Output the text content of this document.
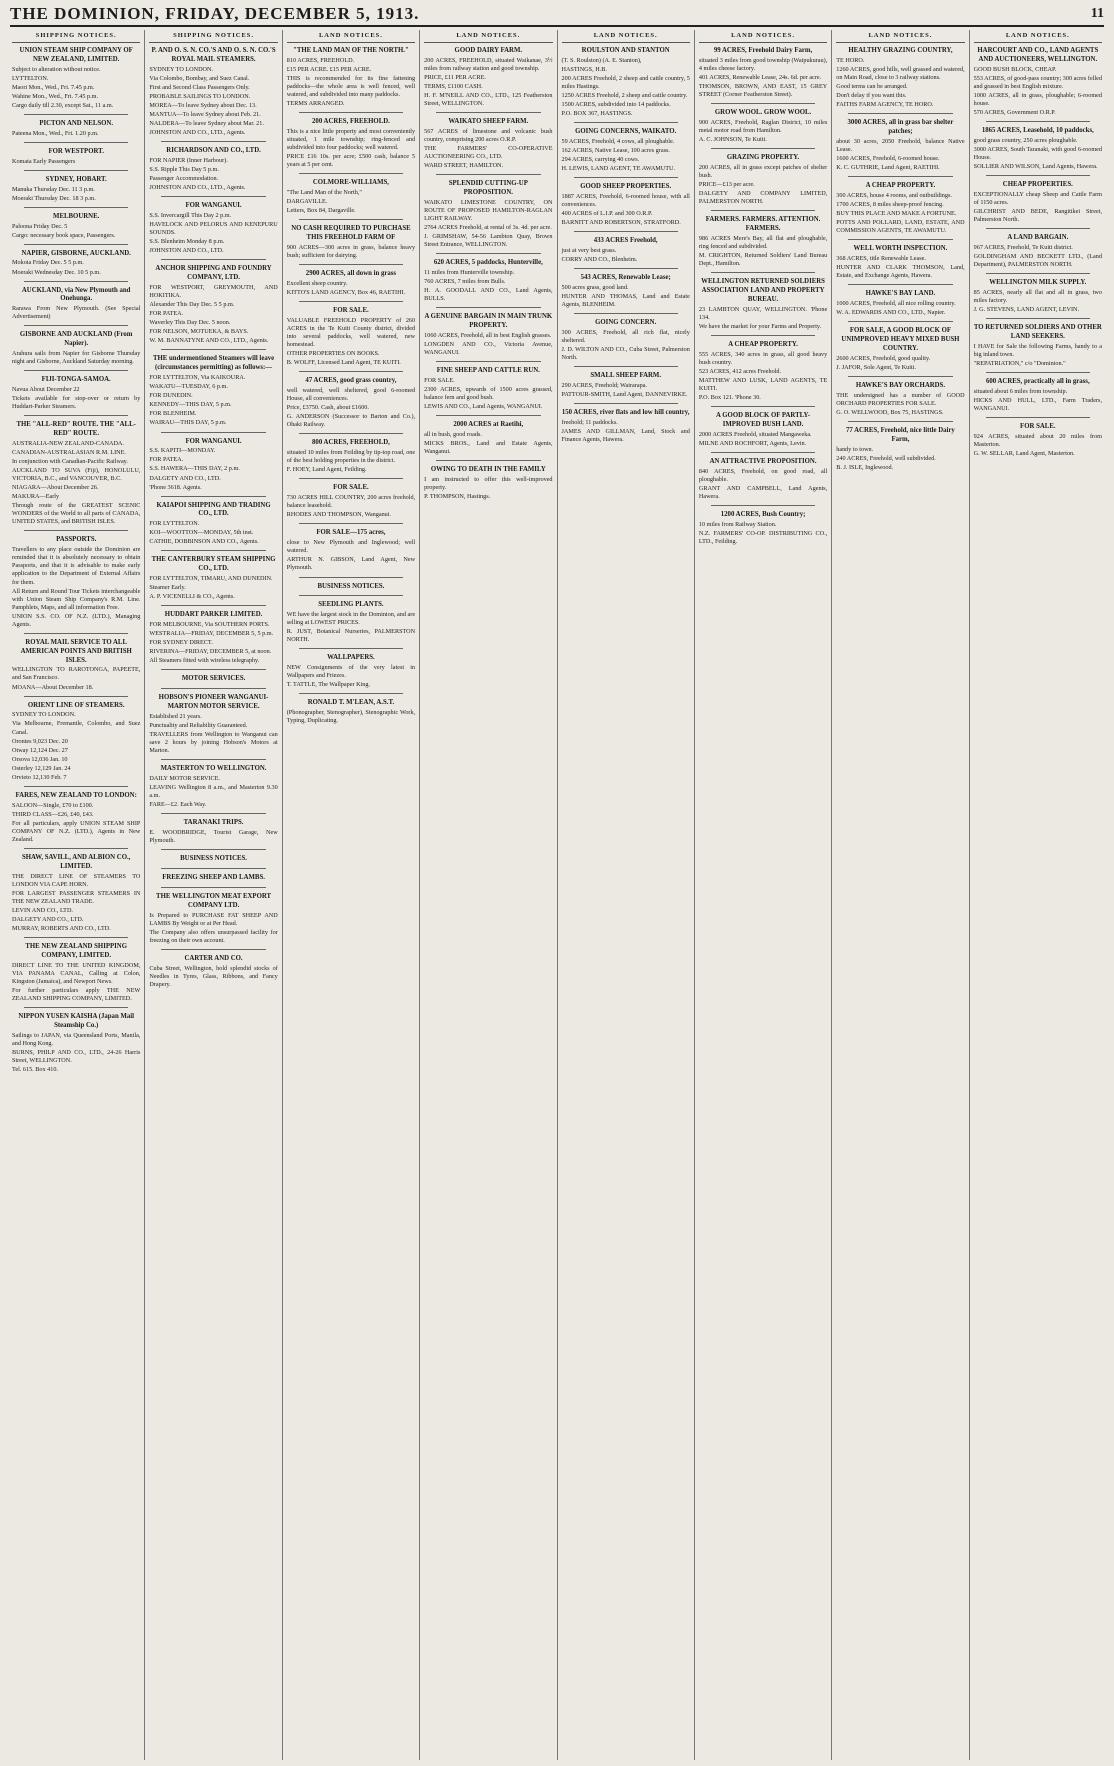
THE DOMINION, FRIDAY, DECEMBER 5, 1913.	11
SHIPPING NOTICES.
UNION STEAM SHIP COMPANY OF NEW ZEALAND, LIMITED.

Subject to alteration without notice.

LYTTELTON.

Maori Mon., Wed., Fri. 7.45 p.m.

Wahine Mon., Wed., Fri. 7.45 p.m.

Cargo daily till 2.30, except Sat., 11 a.m.

PICTON AND NELSON.

Pateena Mon., Wed., Fri. 1.20 p.m.

FOR WESTPORT.

Komata Early Passengers

SYDNEY, HOBART.

Manuka Thursday Dec. 11 3 p.m.

Moeraki Thursday Dec. 18 3 p.m.

MELBOURNE.

Paloona Friday Dec. 5

Cargo: necessary book space, Passengers.

NAPIER, GISBORNE, AUCKLAND.

Mokoia Friday Dec. 5 5 p.m.

Moeraki Wednesday Dec. 10 5 p.m.

AUCKLAND, via New Plymouth and Onehunga.

Rarawa From New Plymouth. (See Special Advertisement)

GISBORNE AND AUCKLAND (From Napier).

Arahura sails from Napier for Gisborne Thursday night and Gisborne, Auckland Saturday morning.

FIJI-TONGA-SAMOA.

Navua About December 22

Tickets available for stop-over or return by Huddart-Parker Steamers.

THE "ALL-RED" ROUTE. THE "ALL-RED" ROUTE.

AUSTRALIA-NEW ZEALAND-CANADA.

CANADIAN-AUSTRALASIAN R.M. LINE.

In conjunction with Canadian-Pacific Railway.

AUCKLAND TO SUVA (Fiji), HONOLULU, VICTORIA, B.C., and VANCOUVER, B.C.

NIAGARA—About December 26.

MAKURA—Early

Through route of the GREATEST SCENIC WONDERS of the World to all parts of CANADA, UNITED STATES, and BRITISH ISLES.

PASSPORTS.

Travellers to any place outside the Dominion are reminded that it is absolutely necessary to obtain Passports, and that it is advisable to make early application to the Department of External Affairs for them.

All Return and Round Tour Tickets interchangeable with Union Steam Ship Company's R.M. Line. Pamphlets, Maps, and all information Free.

UNION S.S. CO. OF N.Z. (LTD.), Managing Agents.

ROYAL MAIL SERVICE TO ALL AMERICAN POINTS AND BRITISH ISLES.

WELLINGTON TO RAROTONGA, PAPEETE, and San Francisco.

MOANA—About December 18.

ORIENT LINE OF STEAMERS.

SYDNEY TO LONDON.

Via Melbourne, Fremantle, Colombo, and Suez Canal.

Orontes 9,023 Dec. 20

Otway 12,124 Dec. 27

Orsova 12,036 Jan. 10

Osterley 12,129 Jan. 24

Orvieto 12,130 Feb. 7

FARES, NEW ZEALAND TO LONDON:

SALOON—Single, £70 to £100.

THIRD CLASS—£26, £40, £43.

For all particulars, apply UNION STEAM SHIP COMPANY OF N.Z. (LTD.), Agents in New Zealand.

SHAW, SAVILL, AND ALBION CO., LIMITED.

THE DIRECT LINE OF STEAMERS TO LONDON VIA CAPE HORN.

FOR LARGEST PASSENGER STEAMERS IN THE NEW ZEALAND TRADE.

LEVIN AND CO., LTD.

DALGETY AND CO., LTD.

MURRAY, ROBERTS AND CO., LTD.

THE NEW ZEALAND SHIPPING COMPANY, LIMITED.

DIRECT LINE TO THE UNITED KINGDOM, VIA PANAMA CANAL, Calling at Colon, Kingston (Jamaica), and Newport News.

For further particulars apply THE NEW ZEALAND SHIPPING COMPANY, LIMITED.

NIPPON YUSEN KAISHA (Japan Mail Steamship Co.)

Sailings to JAPAN, via Queensland Ports, Manila, and Hong Kong.

BURNS, PHILP AND CO., LTD., 24-26 Harris Street, WELLINGTON.

Tel. 615. Box 410.

SHIPPING NOTICES.
P. AND O. S. N. CO.'S AND O. S. N. CO.'S ROYAL MAIL STEAMERS.

SYDNEY TO LONDON.

Via Colombo, Bombay, and Suez Canal.

First and Second Class Passengers Only.

PROBABLE SAILINGS TO LONDON.

MOREA—To leave Sydney about Dec. 13.

MANTUA—To leave Sydney about Feb. 21.

NALDERA—To leave Sydney about Mar. 21.

JOHNSTON AND CO., LTD., Agents.

RICHARDSON AND CO., LTD.

FOR NAPIER (Inner Harbour).

S.S. Ripple This Day 5 p.m.

Passenger Accommodation.

JOHNSTON AND CO., LTD., Agents.

FOR WANGANUI.

S.S. Invercargill This Day 2 p.m.

HAVELOCK AND PELORUS AND KENEPURU SOUNDS.

S.S. Blenheim Monday 8 p.m.

JOHNSTON AND CO., LTD.

ANCHOR SHIPPING AND FOUNDRY COMPANY, LTD.

FOR WESTPORT, GREYMOUTH, AND HOKITIKA.

Alexander This Day Dec. 5 5 p.m.

FOR PATEA.

Waverley This Day Dec. 5 noon.

FOR NELSON, MOTUEKA, & BAYS.

W. M. BANNATYNE AND CO., LTD., Agents.

THE undermentioned Steamers will leave (circumstances permitting) as follows:—

FOR LYTTELTON, Via KAIKOURA.

WAKATU—TUESDAY, 6 p.m.

FOR DUNEDIN.

KENNEDY—THIS DAY, 5 p.m.

FOR BLENHEIM.

WAIRAU—THIS DAY, 5 p.m.

FOR WANGANUI.

S.S. KAPITI—MONDAY.

FOR PATEA.

S.S. HAWERA—THIS DAY, 2 p.m.

DALGETY AND CO., LTD.

'Phone 3618. Agents.

KAIAPOI SHIPPING AND TRADING CO., LTD.

FOR LYTTELTON.

KOI—WOOTTON—MONDAY, 5th inst.

CATHIE, DOBBINSON AND CO., Agents.

THE CANTERBURY STEAM SHIPPING CO., LTD.

FOR LYTTELTON, TIMARU, AND DUNEDIN.

Steamer Early.

A. P. VICENELLI & CO., Agents.

HUDDART PARKER LIMITED.

FOR MELBOURNE, Via SOUTHERN PORTS.

WESTRALIA—FRIDAY, DECEMBER 5, 5 p.m.

FOR SYDNEY DIRECT.

RIVERINA—FRIDAY, DECEMBER 5, at noon.

All Steamers fitted with wireless telegraphy.

MOTOR SERVICES.
HOBSON'S PIONEER WANGANUI-MARTON MOTOR SERVICE.

Established 21 years.

Punctuality and Reliability Guaranteed.

TRAVELLERS from Wellington to Wanganui can save 2 hours by joining Hobson's Motors at Marton.

MASTERTON TO WELLINGTON.

DAILY MOTOR SERVICE.

LEAVING Wellington 8 a.m., and Masterton 9.30 a.m.

FARE—£2. Each Way.

TARANAKI TRIPS.

E. WOODBRIDGE, Tourist Garage, New Plymouth.

BUSINESS NOTICES.
FREEZING SHEEP AND LAMBS.
THE WELLINGTON MEAT EXPORT COMPANY LTD.

Is Prepared to PURCHASE FAT SHEEP AND LAMBS By Weight or at Per Head.

The Company also offers unsurpassed facility for freezing on their own account.

CARTER AND CO.

Cuba Street, Wellington, hold splendid stocks of Needles in Tyres, Glass, Ribbons, and Fancy Drapery.

LAND NOTICES.
"THE LAND MAN OF THE NORTH."

810 ACRES, FREEHOLD.

£15 PER ACRE. £15 PER ACRE.

THIS is recommended for its fine fattening paddocks—the whole area is well fenced, well watered, and subdivided into many paddocks.

TERMS ARRANGED.

200 ACRES, FREEHOLD.

This is a nice little property and most conveniently situated, 1 mile township; ring-fenced and subdivided into four paddocks; well watered.

PRICE £16 10s. per acre; £500 cash, balance 5 years at 5 per cent.

COLMORE-WILLIAMS,

"The Land Man of the North,"

DARGAVILLE.

Letters, Box 84, Dargaville.

NO CASH REQUIRED TO PURCHASE THIS FREEHOLD FARM OF

900 ACRES—300 acres in grass, balance heavy bush; sufficient for dairying.

2900 ACRES, all down in grass

Excellent sheep country.

KITTO'S LAND AGENCY, Box 46, RAETIHI.

FOR SALE.

VALUABLE FREEHOLD PROPERTY of 260 ACRES in the Te Kuiti County district, divided into several paddocks, well watered, new homestead.

OTHER PROPERTIES ON BOOKS.

B. WOLFF, Licensed Land Agent, TE KUITI.

47 ACRES, good grass country,

well watered, well sheltered, good 6-roomed House, all conveniences.

Price, £3750. Cash, about £1600.

G. ANDERSON (Successor to Barton and Co.), Ohaki Railway.

800 ACRES, FREEHOLD,

situated 10 miles from Feilding by tip-top road, one of the best holding properties in the district.

F. HOEY, Land Agent, Feilding.

FOR SALE.

730 ACRES HILL COUNTRY, 200 acres freehold, balance leasehold.

RHODES AND THOMPSON, Wanganui.

FOR SALE—175 acres,

close to New Plymouth and Inglewood; well watered.

ARTHUR N. GIBSON, Land Agent, New Plymouth.

BUSINESS NOTICES.
SEEDLING PLANTS.

WE have the largest stock in the Dominion, and are selling at LOWEST PRICES.

R. JUST, Botanical Nurseries, PALMERSTON NORTH.

WALLPAPERS.

NEW Consignments of the very latest in Wallpapers and Friezes.

T. TATTLE, The Wallpaper King.

RONALD T. M'LEAN, A.S.T.

(Phonographer, Stenographer), Stenographic Work, Typing, Duplicating.

LAND NOTICES.
GOOD DAIRY FARM.

200 ACRES, FREEHOLD, situated Waikanae, 3½ miles from railway station and good township.

PRICE, £11 PER ACRE.

TERMS, £1100 CASH.

H. F. M'NEILL AND CO., LTD., 125 Featherston Street, WELLINGTON.

WAIKATO SHEEP FARM.

567 ACRES of limestone and volcanic bush country, comprising 200 acres O.R.P.

THE FARMERS' CO-OPERATIVE AUCTIONEERING CO., LTD.

WARD STREET, HAMILTON.

SPLENDID CUTTING-UP PROPOSITION.

WAIKATO LIMESTONE COUNTRY, ON ROUTE OF PROPOSED HAMILTON-RAGLAN LIGHT RAILWAY.

2764 ACRES Freehold, at rental of 3s. 4d. per acre.

J. GRIMSHAW, 54-56 Lambton Quay, Brown Street Entrance, WELLINGTON.

620 ACRES, 5 paddocks, Hunterville,

11 miles from Hunterville township.

760 ACRES, 7 miles from Bulls.

H. A. GOODALL AND CO., Land Agents, BULLS.

A GENUINE BARGAIN IN MAIN TRUNK PROPERTY.

1060 ACRES, Freehold, all in best English grasses.

LONGDEN AND CO., Victoria Avenue, WANGANUI.

FINE SHEEP AND CATTLE RUN.

FOR SALE.

2300 ACRES, upwards of 1500 acres grassed, balance fern and good bush.

LEWIS AND CO., Land Agents, WANGANUI.

2000 ACRES at Raetihi,

all in bush, good roads.

MICKS BROS., Land and Estate Agents, Wanganui.

OWING TO DEATH IN THE FAMILY

I am instructed to offer this well-improved property.

P. THOMPSON, Hastings.

LAND NOTICES.
ROULSTON AND STANTON

(T. S. Roulston) (A. E. Stanton),

HASTINGS, H.B.

200 ACRES Freehold, 2 sheep and cattle country, 5 miles Hastings.

1250 ACRES Freehold, 2 sheep and cattle country.

1500 ACRES, subdivided into 14 paddocks.

P.O. BOX 367, HASTINGS.

GOING CONCERNS, WAIKATO.

59 ACRES, Freehold, 4 cows, all ploughable.

162 ACRES, Native Lease, 100 acres grass.

294 ACRES, carrying 40 cows.

H. LEWIS, LAND AGENT, TE AWAMUTU.

GOOD SHEEP PROPERTIES.

1887 ACRES, Freehold, 6-roomed house, with all conveniences.

400 ACRES of L.I.P. and 300 O.R.P.

BARNITT AND ROBERTSON, STRATFORD.

433 ACRES Freehold,

just at very best grass.

CORRY AND CO., Blenheim.

543 ACRES, Renewable Lease;

500 acres grass, good land.

HUNTER AND THOMAS, Land and Estate Agents, BLENHEIM.

GOING CONCERN.

300 ACRES, Freehold, all rich flat, nicely sheltered.

J. D. WILTON AND CO., Cuba Street, Palmerston North.

SMALL SHEEP FARM.

290 ACRES, Freehold; Wairarapa.

PATTOUR-SMITH, Land Agent, DANNEVIRKE.

150 ACRES, river flats and low hill country,

freehold; 11 paddocks.

JAMES AND GILLMAN, Land, Stock and Finance Agents, Hawera.

LAND NOTICES.
99 ACRES, Freehold Dairy Farm,

situated 3 miles from good township (Waipukurau), 4 miles cheese factory.

401 ACRES, Renewable Lease, 24s. 6d. per acre.

THOMSON, BROWN, AND EAST, 15 GREY STREET (Corner Featherston Street).

GROW WOOL. GROW WOOL.

900 ACRES, Freehold, Raglan District, 10 miles metal motor road from Hamilton.

A. C. JOHNSON, Te Kuiti.

GRAZING PROPERTY.

200 ACRES, all in grass except patches of shelter bush.

PRICE—£13 per acre.

DALGETY AND COMPANY LIMITED, PALMERSTON NORTH.

FARMERS. FARMERS. ATTENTION. FARMERS.

986 ACRES Mere's Bay, all flat and ploughable, ring fenced and subdivided.

M. CRIGHTON, Returned Soldiers' Land Bureau Dept., Hamilton.

WELLINGTON RETURNED SOLDIERS ASSOCIATION LAND AND PROPERTY BUREAU.

23 LAMBTON QUAY, WELLINGTON. 'Phone 134.

We have the market for your Farms and Property.

A CHEAP PROPERTY.

555 ACRES, 340 acres in grass, all good heavy bush country.

523 ACRES, 412 acres Freehold.

MATTHEW AND LUSK, LAND AGENTS, TE KUITI.

P.O. Box 121. 'Phone 30.

A GOOD BLOCK OF PARTLY-IMPROVED BUSH LAND.

2000 ACRES Freehold, situated Mangaweka.

MILNE AND ROCHFORT, Agents, Levin.

AN ATTRACTIVE PROPOSITION.

840 ACRES, Freehold, on good road, all ploughable.

GRANT AND CAMPBELL, Land Agents, Hawera.

1200 ACRES, Bush Country;

10 miles from Railway Station.

N.Z. FARMERS' CO-OP. DISTRIBUTING CO., LTD., Feilding.

LAND NOTICES.
HEALTHY GRAZING COUNTRY,

TE HORO.

1260 ACRES, good hills, well grassed and watered, on Main Road, close to 3 railway stations.

Good terms can be arranged.

Don't delay if you want this.

FAITHS FARM AGENCY, TE HORO.

3000 ACRES, all in grass bar shelter patches;

about 30 acres, 2050 Freehold, balance Native Lease.

1600 ACRES, Freehold, 6-roomed house.

K. C. GUTHRIE, Land Agent, RAETIHI.

A CHEAP PROPERTY.

300 ACRES, house 4 rooms, and outbuildings.

1700 ACRES, 8 miles sheep-proof fencing.

BUY THIS PLACE AND MAKE A FORTUNE.

POTTS AND POLLARD, LAND, ESTATE, AND COMMISSION AGENTS, TE AWAMUTU.

WELL WORTH INSPECTION.

368 ACRES, title Renewable Lease.

HUNTER AND CLARK THOMSON, Land, Estate, and Exchange Agents, Hawera.

HAWKE'S BAY LAND.

1000 ACRES, Freehold, all nice rolling country.

W. A. EDWARDS AND CO., LTD., Napier.

FOR SALE, A GOOD BLOCK OF UNIMPROVED HEAVY MIXED BUSH COUNTRY.

2600 ACRES, Freehold, good quality.

J. JAFOR, Sole Agent, Te Kuiti.

HAWKE'S BAY ORCHARDS.

THE undersigned has a number of GOOD ORCHARD PROPERTIES FOR SALE.

G. O. WELLWOOD, Box 75, HASTINGS.

77 ACRES, Freehold, nice little Dairy Farm,

handy to town.

240 ACRES, Freehold, well subdivided.

B. J. ISLE, Inglewood.

LAND NOTICES.
HARCOURT AND CO., LAND AGENTS AND AUCTIONEERS, WELLINGTON.

GOOD BUSH BLOCK, CHEAP.

553 ACRES, of good-pass country; 300 acres felled and grassed in best English mixture.

1000 ACRES, all in grass, ploughable; 6-roomed house.

570 ACRES, Government O.R.P.

1865 ACRES, Leasehold, 10 paddocks,

good grass country, 250 acres ploughable.

3000 ACRES, South Taranaki, with good 6-roomed House.

SOLLIER AND WILSON, Land Agents, Hawera.

CHEAP PROPERTIES.

EXCEPTIONALLY cheap Sheep and Cattle Farm of 1150 acres.

GILCHRIST AND BEDE, Rangitikei Street, Palmerston North.

A LAND BARGAIN.

967 ACRES, Freehold, Te Kuiti district.

GOLDINGHAM AND BECKETT LTD., (Land Department), PALMERSTON NORTH.

WELLINGTON MILK SUPPLY.

85 ACRES, nearly all flat and all in grass, two miles factory.

J. G. STEVENS, LAND AGENT, LEVIN.

TO RETURNED SOLDIERS AND OTHER LAND SEEKERS.

I HAVE for Sale the following Farms, handy to a big inland town.

"REPATRIATION," c/o "Dominion."

600 ACRES, practically all in grass,

situated about 6 miles from township.

HICKS AND HULL, LTD., Farm Traders, WANGANUI.

FOR SALE.

924 ACRES, situated about 20 miles from Masterton.

G. W. SELLAR, Land Agent, Masterton.
